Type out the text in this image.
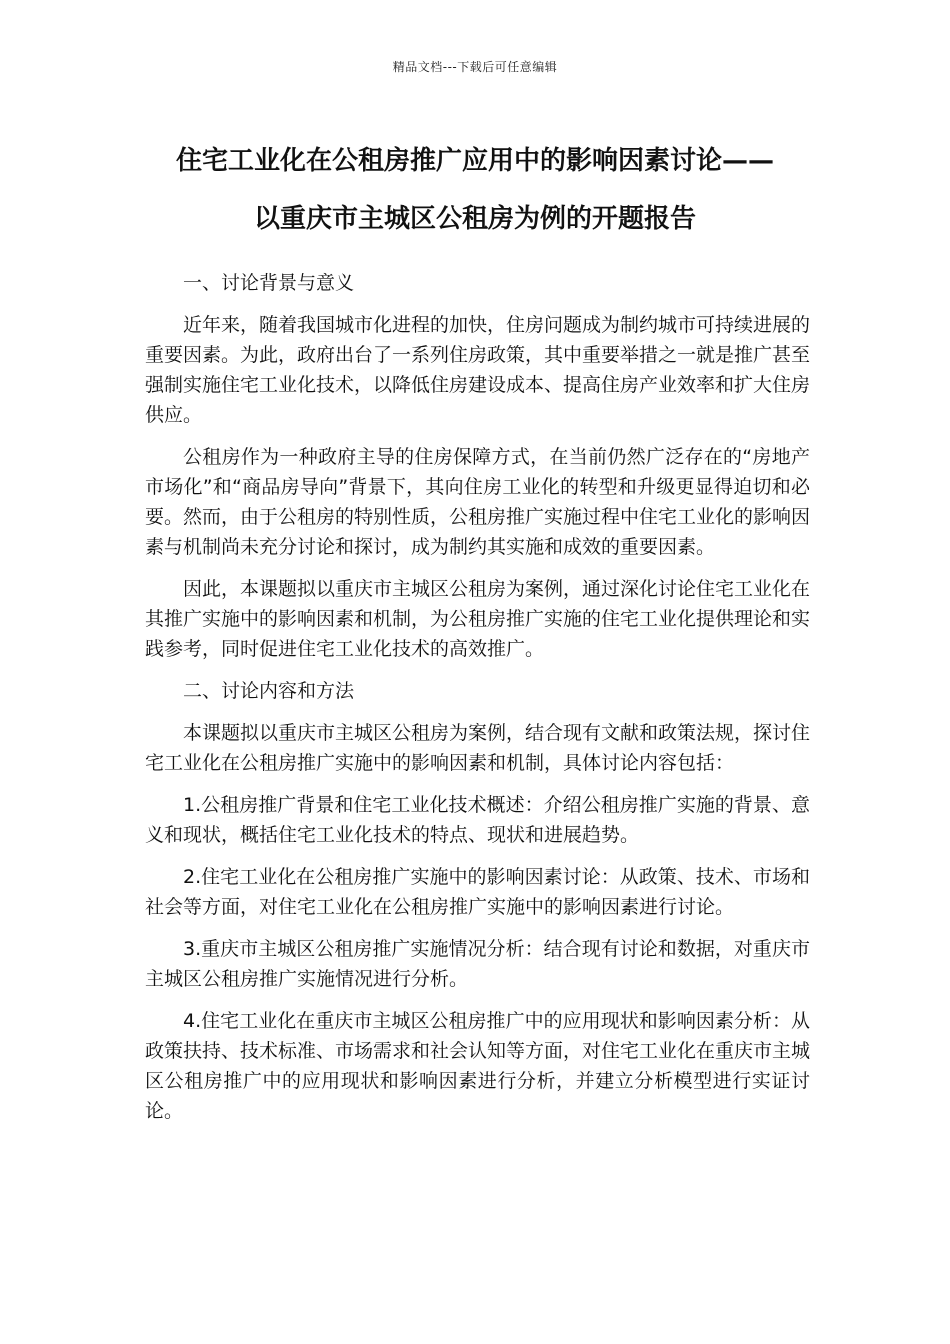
精品文档---下载后可任意编辑
住宅工业化在公租房推广应用中的影响因素讨论——
以重庆市主城区公租房为例的开题报告

一、讨论背景与意义

近年来，随着我国城市化进程的加快，住房问题成为制约城市可持续进展的重要因素。为此，政府出台了一系列住房政策，其中重要举措之一就是推广甚至强制实施住宅工业化技术，以降低住房建设成本、提高住房产业效率和扩大住房供应。

公租房作为一种政府主导的住房保障方式，在当前仍然广泛存在的“房地产市场化”和“商品房导向”背景下，其向住房工业化的转型和升级更显得迫切和必要。然而，由于公租房的特别性质，公租房推广实施过程中住宅工业化的影响因素与机制尚未充分讨论和探讨，成为制约其实施和成效的重要因素。

因此，本课题拟以重庆市主城区公租房为案例，通过深化讨论住宅工业化在其推广实施中的影响因素和机制，为公租房推广实施的住宅工业化提供理论和实践参考，同时促进住宅工业化技术的高效推广。

二、讨论内容和方法

本课题拟以重庆市主城区公租房为案例，结合现有文献和政策法规，探讨住宅工业化在公租房推广实施中的影响因素和机制，具体讨论内容包括：

1.公租房推广背景和住宅工业化技术概述：介绍公租房推广实施的背景、意义和现状，概括住宅工业化技术的特点、现状和进展趋势。

2.住宅工业化在公租房推广实施中的影响因素讨论：从政策、技术、市场和社会等方面，对住宅工业化在公租房推广实施中的影响因素进行讨论。

3.重庆市主城区公租房推广实施情况分析：结合现有讨论和数据，对重庆市主城区公租房推广实施情况进行分析。

4.住宅工业化在重庆市主城区公租房推广中的应用现状和影响因素分析：从政策扶持、技术标准、市场需求和社会认知等方面，对住宅工业化在重庆市主城区公租房推广中的应用现状和影响因素进行分析，并建立分析模型进行实证讨论。
